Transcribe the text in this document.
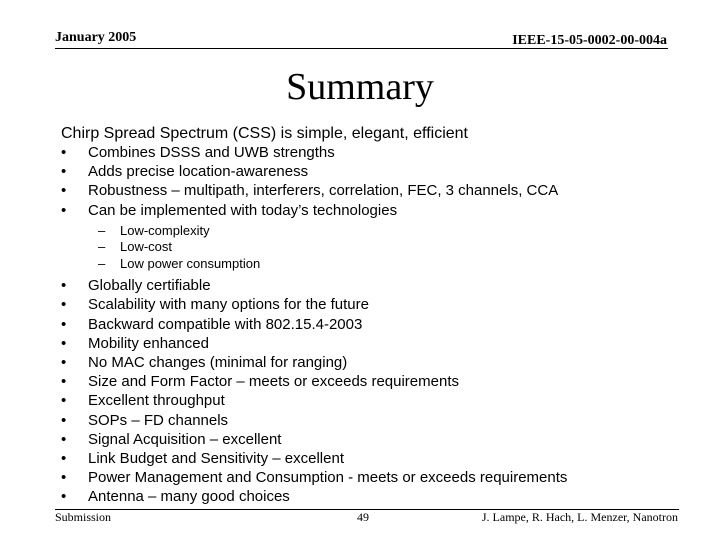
January 2005	IEEE-15-05-0002-00-004a
Summary
Chirp Spread Spectrum (CSS) is simple, elegant, efficient
• Combines DSSS and UWB strengths
• Adds precise location-awareness
• Robustness – multipath, interferers, correlation, FEC, 3 channels, CCA
• Can be implemented with today’s technologies
– Low-complexity
– Low-cost
– Low power consumption
• Globally certifiable
• Scalability with many options for the future
• Backward compatible with 802.15.4-2003
• Mobility enhanced
• No MAC changes (minimal for ranging)
• Size and Form Factor – meets or exceeds requirements
• Excellent throughput
• SOPs – FD channels
• Signal Acquisition – excellent
• Link Budget and Sensitivity – excellent
• Power Management and Consumption - meets or exceeds requirements
• Antenna – many good choices
Submission	49	J. Lampe, R. Hach, L. Menzer, Nanotron
